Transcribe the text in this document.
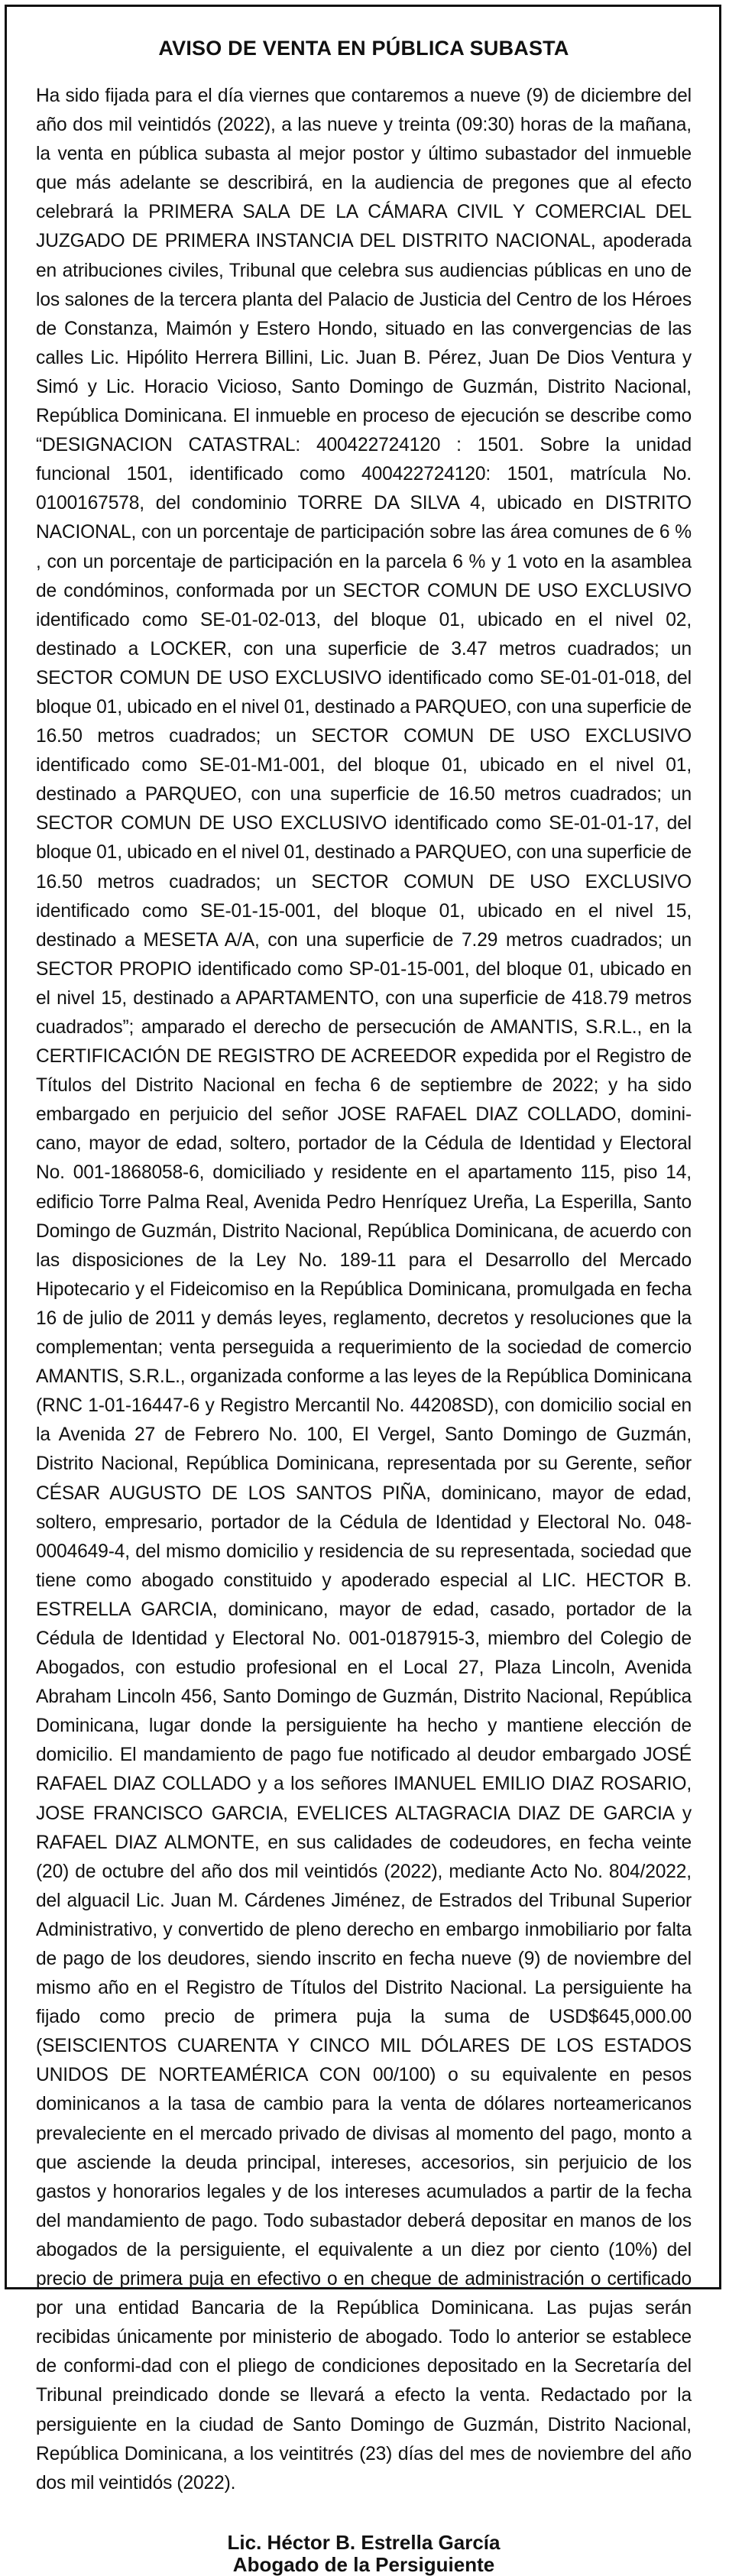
AVISO DE VENTA EN PÚBLICA SUBASTA

Ha sido fijada para el día viernes que contaremos a nueve (9) de diciembre del año dos mil veintidós (2022), a las nueve y treinta (09:30) horas de la mañana, la venta en pública subasta al mejor postor y último subastador del inmueble que más adelante se describirá, en la audiencia de pregones que al efecto celebrará la PRIMERA SALA DE LA CÁMARA CIVIL Y COMERCIAL DEL JUZGADO DE PRIMERA INSTANCIA DEL DISTRITO NACIONAL, apoderada en atribuciones civiles, Tribunal que celebra sus audiencias públicas en uno de los salones de la tercera planta del Palacio de Justicia del Centro de los Héroes de Constanza, Maimón y Estero Hondo, situado en las convergencias de las calles Lic. Hipólito Herrera Billini, Lic. Juan B. Pérez, Juan De Dios Ventura y Simó y Lic. Horacio Vicioso, Santo Domingo de Guzmán, Distrito Nacional, República Dominicana. El inmueble en proceso de ejecución se describe como “DESIGNACION CATASTRAL: 400422724120 : 1501. Sobre la unidad funcional 1501, identificado como 400422724120: 1501, matrícula No. 0100167578, del condominio TORRE DA SILVA 4, ubicado en DISTRITO NACIONAL, con un porcentaje de participación sobre las área comunes de 6 % , con un porcentaje de participación en la parcela 6 % y 1 voto en la asamblea de condóminos, conformada por un SECTOR COMUN DE USO EXCLUSIVO identificado como SE-01-02-013, del bloque 01, ubicado en el nivel 02, destinado a LOCKER, con una superficie de 3.47 metros cuadrados; un SECTOR COMUN DE USO EXCLUSIVO identificado como SE-01-01-018, del bloque 01, ubicado en el nivel 01, destinado a PARQUEO, con una superficie de 16.50 metros cuadrados; un SECTOR COMUN DE USO EXCLUSIVO identificado como SE-01-M1-001, del bloque 01, ubicado en el nivel 01, destinado a PARQUEO, con una superficie de 16.50 metros cuadrados; un SECTOR COMUN DE USO EXCLUSIVO identificado como SE-01-01-17, del bloque 01, ubicado en el nivel 01, destinado a PARQUEO, con una superficie de 16.50 metros cuadrados; un SECTOR COMUN DE USO EXCLUSIVO identificado como SE-01-15-001, del bloque 01, ubicado en el nivel 15, destinado a MESETA A/A, con una superficie de 7.29 metros cuadrados; un SECTOR PROPIO identificado como SP-01-15-001, del bloque 01, ubicado en el nivel 15, destinado a APARTAMENTO, con una superficie de 418.79 metros cuadrados”; amparado el derecho de persecución de AMANTIS, S.R.L., en la CERTIFICACIÓN DE REGISTRO DE ACREEDOR expedida por el Registro de Títulos del Distrito Nacional en fecha 6 de septiembre de 2022; y ha sido embargado en perjuicio del señor JOSE RAFAEL DIAZ COLLADO, domini-cano, mayor de edad, soltero, portador de la Cédula de Identidad y Electoral No. 001-1868058-6, domiciliado y residente en el apartamento 115, piso 14, edificio Torre Palma Real, Avenida Pedro Henríquez Ureña, La Esperilla, Santo Domingo de Guzmán, Distrito Nacional, República Dominicana, de acuerdo con las disposiciones de la Ley No. 189-11 para el Desarrollo del Mercado Hipotecario y el Fideicomiso en la República Dominicana, promulgada en fecha 16 de julio de 2011 y demás leyes, reglamento, decretos y resoluciones que la complementan; venta perseguida a requerimiento de la sociedad de comercio AMANTIS, S.R.L., organizada conforme a las leyes de la República Dominicana (RNC 1-01-16447-6 y Registro Mercantil No. 44208SD), con domicilio social en la Avenida 27 de Febrero No. 100, El Vergel, Santo Domingo de Guzmán, Distrito Nacional, República Dominicana, representada por su Gerente, señor CÉSAR AUGUSTO DE LOS SANTOS PIÑA, dominicano, mayor de edad, soltero, empresario, portador de la Cédula de Identidad y Electoral No. 048-0004649-4, del mismo domicilio y residencia de su representada, sociedad que tiene como abogado constituido y apoderado especial al LIC. HECTOR B. ESTRELLA GARCIA, dominicano, mayor de edad, casado, portador de la Cédula de Identidad y Electoral No. 001-0187915-3, miembro del Colegio de Abogados, con estudio profesional en el Local 27, Plaza Lincoln, Avenida Abraham Lincoln 456, Santo Domingo de Guzmán, Distrito Nacional, República Dominicana, lugar donde la persiguiente ha hecho y mantiene elección de domicilio. El mandamiento de pago fue notificado al deudor embargado JOSÉ RAFAEL DIAZ COLLADO y a los señores IMANUEL EMILIO DIAZ ROSARIO, JOSE FRANCISCO GARCIA, EVELICES ALTAGRACIA DIAZ DE GARCIA y RAFAEL DIAZ ALMONTE, en sus calidades de codeudores, en fecha veinte (20) de octubre del año dos mil veintidós (2022), mediante Acto No. 804/2022, del alguacil Lic. Juan M. Cárdenes Jiménez, de Estrados del Tribunal Superior Administrativo, y convertido de pleno derecho en embargo inmobiliario por falta de pago de los deudores, siendo inscrito en fecha nueve (9) de noviembre del mismo año en el Registro de Títulos del Distrito Nacional. La persiguiente ha fijado como precio de primera puja la suma de USD$645,000.00 (SEISCIENTOS CUARENTA Y CINCO MIL DÓLARES DE LOS ESTADOS UNIDOS DE NORTEAMÉRICA CON 00/100) o su equivalente en pesos dominicanos a la tasa de cambio para la venta de dólares norteamericanos prevaleciente en el mercado privado de divisas al momento del pago, monto a que asciende la deuda principal, intereses, accesorios, sin perjuicio de los gastos y honorarios legales y de los intereses acumulados a partir de la fecha del mandamiento de pago. Todo subastador deberá depositar en manos de los abogados de la persiguiente, el equivalente a un diez por ciento (10%) del precio de primera puja en efectivo o en cheque de administración o certificado por una entidad Bancaria de la República Dominicana. Las pujas serán recibidas únicamente por ministerio de abogado. Todo lo anterior se establece de conformi-dad con el pliego de condiciones depositado en la Secretaría del Tribunal preindicado donde se llevará a efecto la venta. Redactado por la persiguiente en la ciudad de Santo Domingo de Guzmán, Distrito Nacional, República Dominicana, a los veintitrés (23) días del mes de noviembre del año dos mil veintidós (2022).

Lic. Héctor B. Estrella García
Abogado de la Persiguiente
